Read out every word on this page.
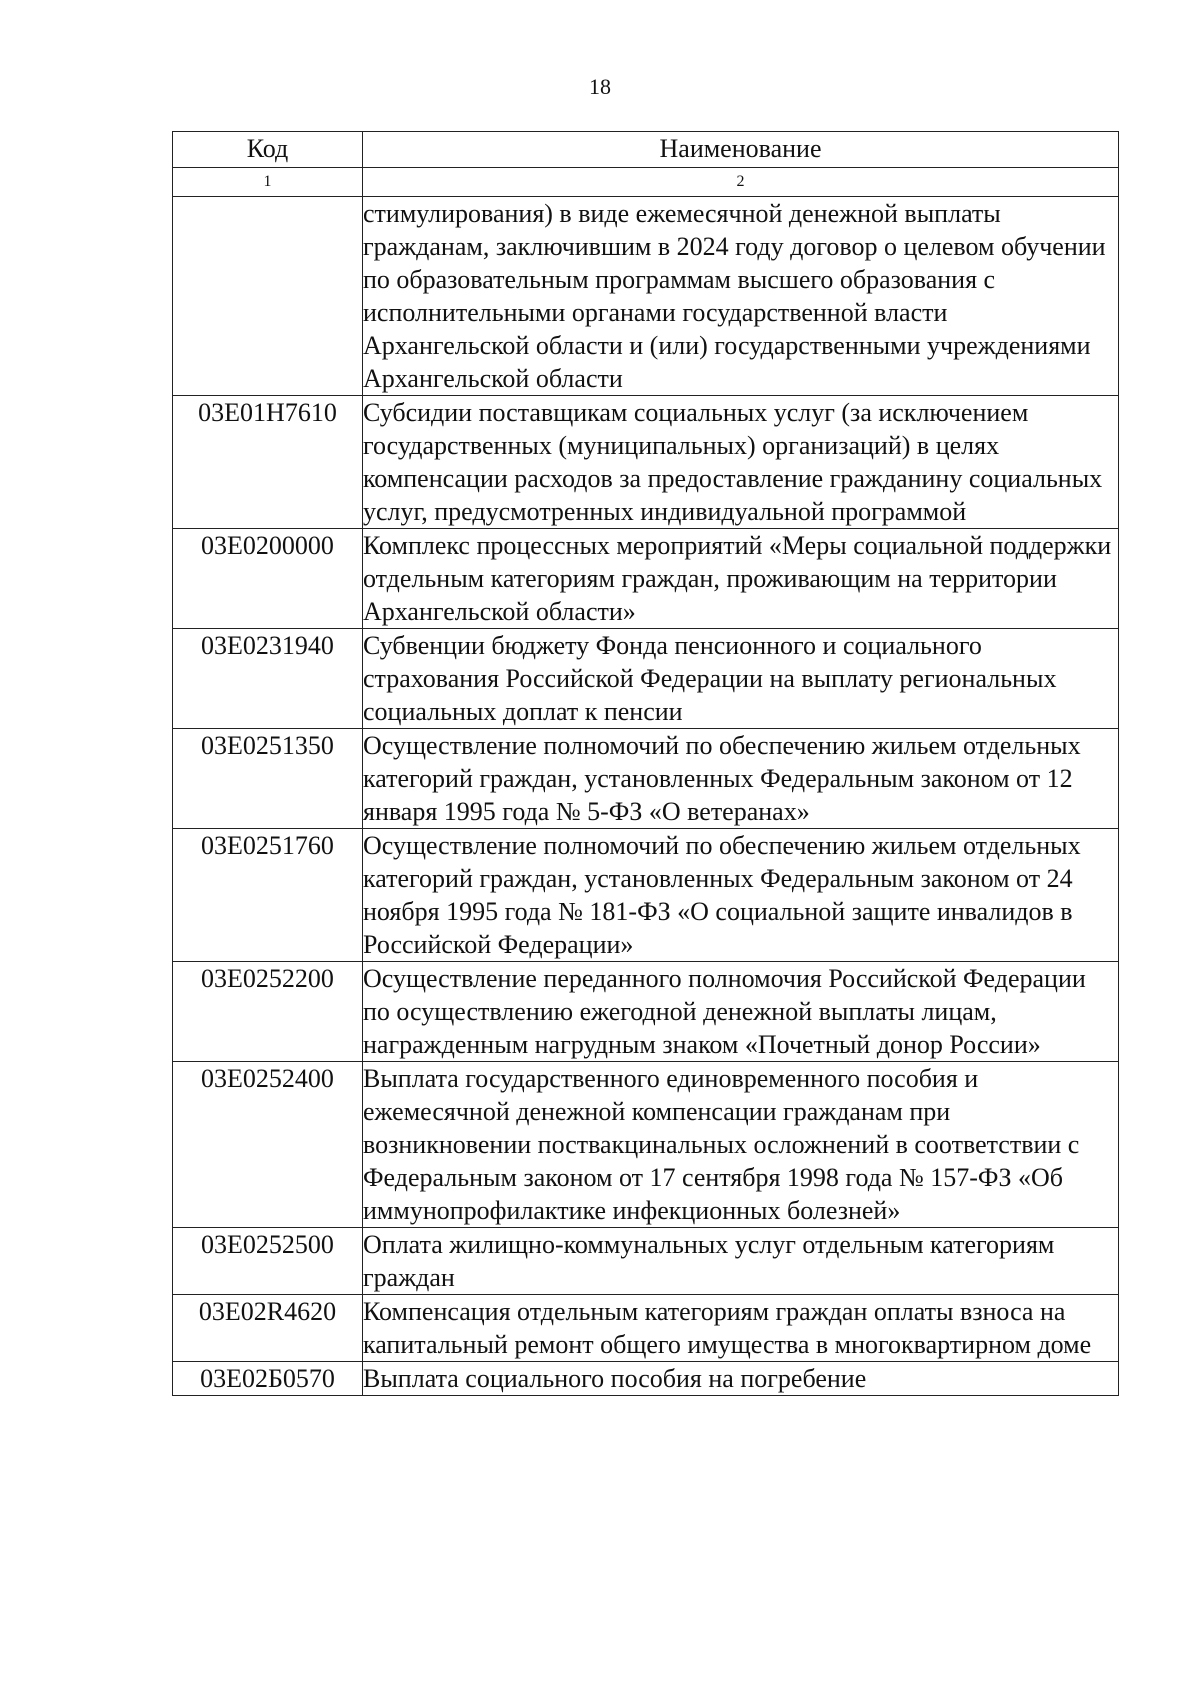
18
Код	Наименование
1	2
	стимулирования) в виде ежемесячной денежной выплаты гражданам, заключившим в 2024 году договор о целевом обучении по образовательным программам высшего образования с исполнительными органами государственной власти Архангельской области и (или) государственными учреждениями Архангельской области
03Е01Н7610	Субсидии поставщикам социальных услуг (за исключением государственных (муниципальных) организаций) в целях компенсации расходов за предоставление гражданину социальных услуг, предусмотренных индивидуальной программой
03Е0200000	Комплекс процессных мероприятий «Меры социальной поддержки отдельным категориям граждан, проживающим на территории Архангельской области»
03Е0231940	Субвенции бюджету Фонда пенсионного и социального страхования Российской Федерации на выплату региональных социальных доплат к пенсии
03Е0251350	Осуществление полномочий по обеспечению жильем отдельных категорий граждан, установленных Федеральным законом от 12 января 1995 года № 5-ФЗ «О ветеранах»
03Е0251760	Осуществление полномочий по обеспечению жильем отдельных категорий граждан, установленных Федеральным законом от 24 ноября 1995 года № 181-ФЗ «О социальной защите инвалидов в Российской Федерации»
03Е0252200	Осуществление переданного полномочия Российской Федерации по осуществлению ежегодной денежной выплаты лицам, награжденным нагрудным знаком «Почетный донор России»
03Е0252400	Выплата государственного единовременного пособия и ежемесячной денежной компенсации гражданам при возникновении поствакцинальных осложнений в соответствии с Федеральным законом от 17 сентября 1998 года № 157-ФЗ «Об иммунопрофилактике инфекционных болезней»
03Е0252500	Оплата жилищно-коммунальных услуг отдельным категориям граждан
03Е02R4620	Компенсация отдельным категориям граждан оплаты взноса на капитальный ремонт общего имущества в многоквартирном доме
03Е02Б0570	Выплата социального пособия на погребение
